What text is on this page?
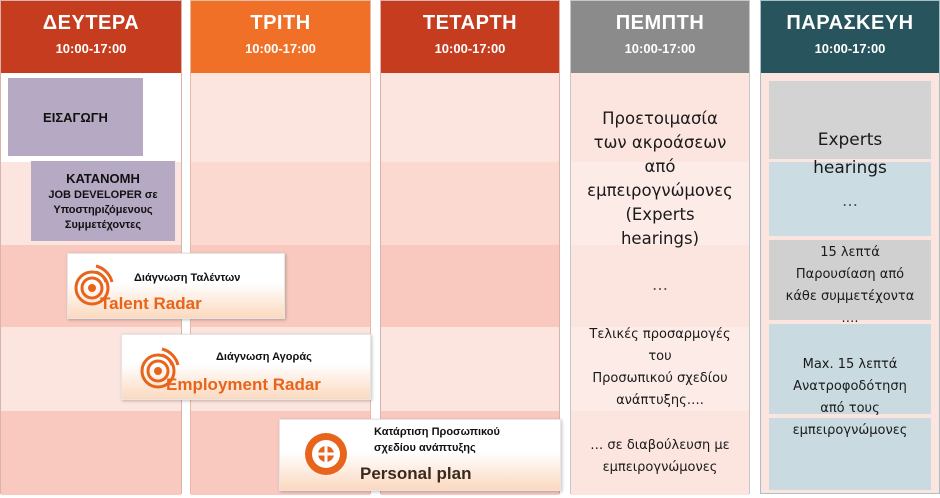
ΔΕΥΤΕΡΑ
10:00-17:00
ΤΡΙΤΗ
10:00-17:00
ΤΕΤΑΡΤΗ
10:00-17:00
ΠΕΜΠΤΗ
10:00-17:00
ΠΑΡΑΣΚΕΥΗ
10:00-17:00
ΕΙΣΑΓΩΓΗ
ΚΑΤΑΝΟΜΗ
JOB DEVELOPER σε
Υποστηριζόμενους
Συμμετέχοντες
Διάγνωση Ταλέντων
Talent Radar
Διάγνωση Αγοράς
Employment Radar
Κατάρτιση Προσωπικού
σχεδίου ανάπτυξης
Personal plan
Προετοιμασία
των ακροάσεων
από
εμπειρογνώμονες
(Experts
hearings)
…
Τελικές προσαρμογές
του
Προσωπικού σχεδίου
ανάπτυξης….
… σε διαβούλευση με
εμπειρογνώμονες
Experts
hearings
…
15 λεπτά
Παρουσίαση από
κάθε συμμετέχοντα
….
Max. 15 λεπτά
Ανατροφοδότηση
από τους
εμπειρογνώμονες
